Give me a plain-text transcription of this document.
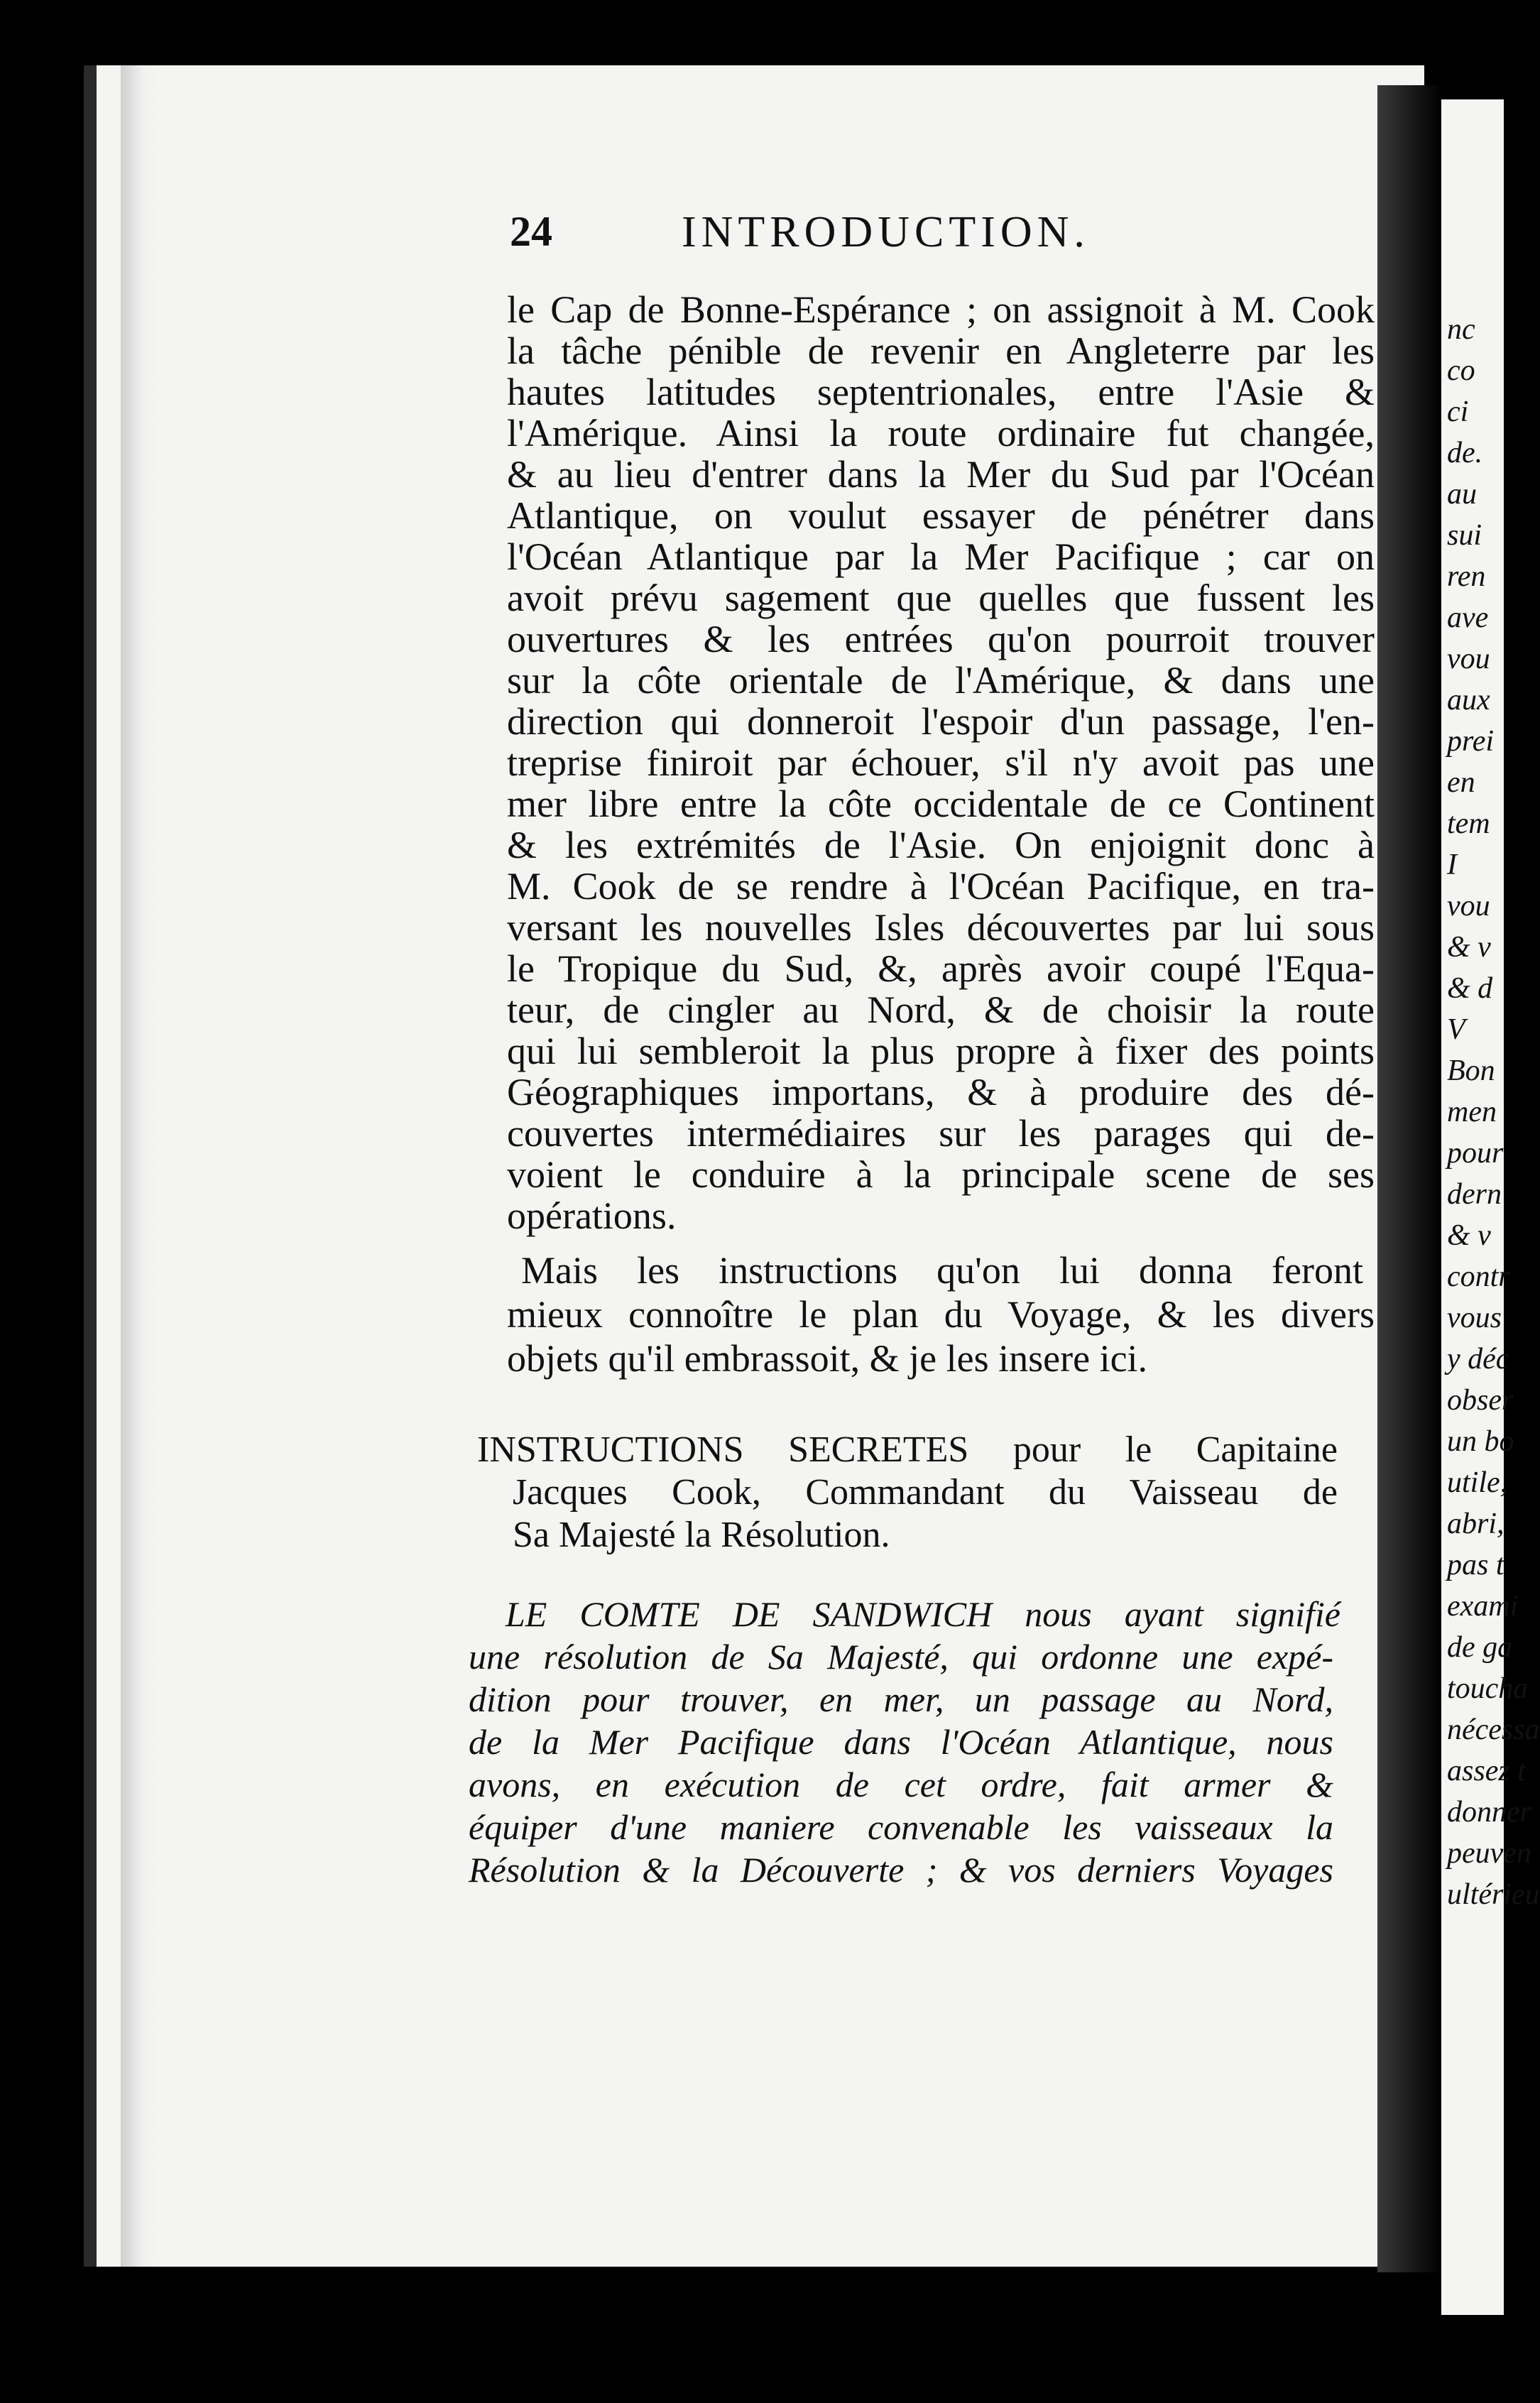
nc
co
ci
de.
au
sui
ren
ave
vou
aux
prei
en
tem
I
vou
& v
& d
V
Bon
men
pour
dern
& v
contr
vous
y déc
obser
un bo
utile,
abri,
pas t
exami
de ga
toucha
nécessa
assez t
donner
peuven
ultérieu
24	INTRODUCTION.
le Cap de Bonne-Espérance ; on assignoit à M. Cook
la tâche pénible de revenir en Angleterre par les
hautes latitudes septentrionales, entre l'Asie &
l'Amérique. Ainsi la route ordinaire fut changée,
& au lieu d'entrer dans la Mer du Sud par l'Océan
Atlantique, on voulut essayer de pénétrer dans
l'Océan Atlantique par la Mer Pacifique ; car on
avoit prévu sagement que quelles que fussent les
ouvertures & les entrées qu'on pourroit trouver
sur la côte orientale de l'Amérique, & dans une
direction qui donneroit l'espoir d'un passage, l'en-
treprise finiroit par échouer, s'il n'y avoit pas une
mer libre entre la côte occidentale de ce Continent
& les extrémités de l'Asie. On enjoignit donc à
M. Cook de se rendre à l'Océan Pacifique, en tra-
versant les nouvelles Isles découvertes par lui sous
le Tropique du Sud, &, après avoir coupé l'Equa-
teur, de cingler au Nord, & de choisir la route
qui lui sembleroit la plus propre à fixer des points
Géographiques importans, & à produire des dé-
couvertes intermédiaires sur les parages qui de-
voient le conduire à la principale scene de ses
opérations.
Mais les instructions qu'on lui donna feront
mieux connoître le plan du Voyage, & les divers
objets qu'il embrassoit, & je les insere ici.
INSTRUCTIONS SECRETES pour le Capitaine
Jacques Cook, Commandant du Vaisseau de
Sa Majesté la Résolution.
LE COMTE DE SANDWICH nous ayant signifié
une résolution de Sa Majesté, qui ordonne une expé-
dition pour trouver, en mer, un passage au Nord,
de la Mer Pacifique dans l'Océan Atlantique, nous
avons, en exécution de cet ordre, fait armer &
équiper d'une maniere convenable les vaisseaux la
Résolution & la Découverte ; & vos derniers Voyages
